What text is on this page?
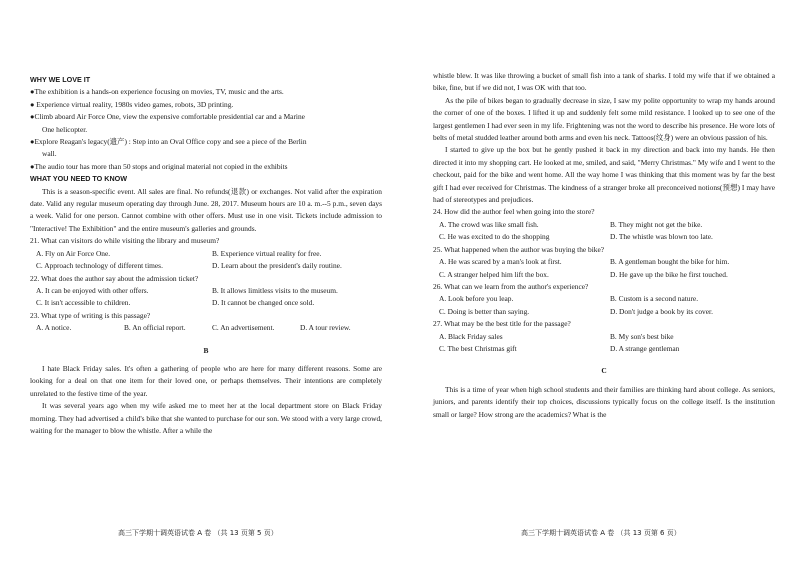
WHY WE LOVE IT
●The exhibition is a hands-on experience focusing on movies, TV, music and the arts.
● Experience virtual reality, 1980s video games, robots, 3D printing.
●Climb aboard Air Force One, view the expensive comfortable presidential car and a Marine
One helicopter.
●Explore Reagan's legacy(遗产) : Step into an Oval Office copy and see a piece of the Berlin
wall.
●The audio tour has more than 50 stops and original material not copied in the exhibits
WHAT YOU NEED TO KNOW
This is a season-specific event. All sales are final. No refunds(退款) or exchanges. Not valid after the expiration date. Valid any regular museum operating day through June. 28, 2017. Museum hours are 10 a. m.--5 p.m., seven days a week. Valid for one person. Cannot combine with other offers. Must use in one visit. Tickets include admission to "Interactive! The Exhibition" and the entire museum's galleries and grounds.
21. What can visitors do while visiting the library and museum?
A. Fly on Air Force One.	B. Experience virtual reality for free.
C. Approach technology of different times.	D. Learn about the president's daily routine.
22. What does the author say about the admission ticket?
A. It can be enjoyed with other offers.	B. It allows limitless visits to the museum.
C. It isn't accessible to children.	D. It cannot be changed once sold.
23. What type of writing is this passage?
A. A notice.	B. An official report.	C. An advertisement.	D. A tour review.
B
I hate Black Friday sales. It's often a gathering of people who are here for many different reasons. Some are looking for a deal on that one item for their loved one, or perhaps themselves. Their intentions are completely unrelated to the festive time of the year.
It was several years ago when my wife asked me to meet her at the local department store on Black Friday morning. They had advertised a child's bike that she wanted to purchase for our son. We stood with a very large crowd, waiting for the manager to blow the whistle. After a while the
高三下学期十调英语试卷 A 卷 （共 13 页第 5 页）
whistle blew. It was like throwing a bucket of small fish into a tank of sharks. I told my wife that if we obtained a bike, fine, but if we did not, I was OK with that too.
As the pile of bikes began to gradually decrease in size, I saw my polite opportunity to wrap my hands around the corner of one of the boxes. I lifted it up and suddenly felt some mild resistance. I looked up to see one of the largest gentlemen I had ever seen in my life. Frightening was not the word to describe his presence. He wore lots of belts of metal studded leather around both arms and even his neck. Tattoos(纹身) were an obvious passion of his.
I started to give up the box but he gently pushed it back in my direction and back into my hands. He then directed it into my shopping cart. He looked at me, smiled, and said, "Merry Christmas." My wife and I went to the checkout, paid for the bike and went home. All the way home I was thinking that this moment was by far the best gift I had ever received for Christmas. The kindness of a stranger broke all preconceived notions(预想) I may have had of stereotypes and prejudices.
24. How did the author feel when going into the store?
A. The crowd was like small fish.	B. They might not get the bike.
C. He was excited to do the shopping	D. The whistle was blown too late.
25. What happened when the author was buying the bike?
A. He was scared by a man's look at first.	B. A gentleman bought the bike for him.
C. A stranger helped him lift the box.	D. He gave up the bike he first touched.
26. What can we learn from the author's experience?
A. Look before you leap.	B. Custom is a second nature.
C. Doing is better than saying.	D. Don't judge a book by its cover.
27. What may be the best title for the passage?
A. Black Friday sales	B. My son's best bike
C. The best Christmas gift	D. A strange gentleman
C
This is a time of year when high school students and their families are thinking hard about college. As seniors, juniors, and parents identify their top choices, discussions typically focus on the college itself. Is the institution small or large? How strong are the academics? What is the
高三下学期十调英语试卷 A 卷 （共 13 页第 6 页）
